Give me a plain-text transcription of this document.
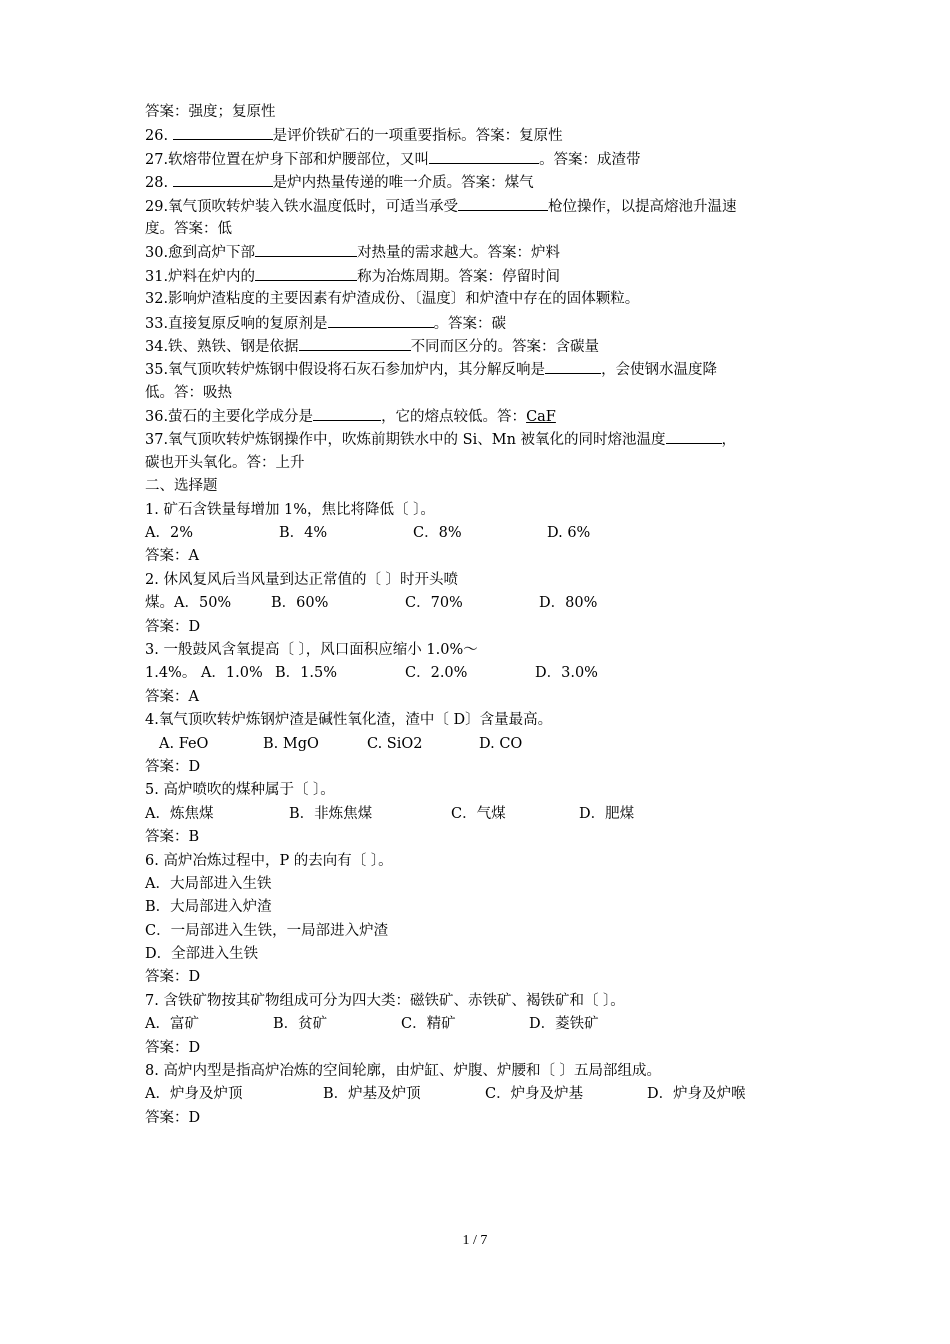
答案：强度；复原性
26.	是评价铁矿石的一项重要指标。答案：复原性
27.软熔带位置在炉身下部和炉腰部位，又叫	。答案：成渣带
28.	是炉内热量传递的唯一介质。答案：煤气
29.氧气顶吹转炉装入铁水温度低时，可适当承受	枪位操作，以提高熔池升温速
度。答案：低
30.愈到高炉下部	对热量的需求越大。答案：炉料
31.炉料在炉内的	称为冶炼周期。答案：停留时间
32.影响炉渣粘度的主要因素有炉渣成份、〔温度〕和炉渣中存在的固体颗粒。
33.直接复原反响的复原剂是	。答案：碳
34.铁、熟铁、钢是依据	不同而区分的。答案：含碳量
35.氧气顶吹转炉炼钢中假设将石灰石参加炉内，其分解反响是	，会使钢水温度降
低。答：吸热
36.萤石的主要化学成分是	，它的熔点较低。答：CaF
37.氧气顶吹转炉炼钢操作中，吹炼前期铁水中的 Si、Mn 被氧化的同时熔池温度	，
碳也开头氧化。答：上升
二、选择题
1. 矿石含铁量每增加 1%，焦比将降低〔 〕。
A．2%	B．4%	C．8%	D. 6%
答案：A
2. 休风复风后当风量到达正常值的〔 〕时开头喷
煤。A．50%	B．60%	C．70%	D．80%
答案：D
3. 一般鼓风含氧提高〔 〕，风口面积应缩小 1.0%～
1.4%。 A．1.0% B．1.5%	C．2.0%	D．3.0%
答案：A
4.氧气顶吹转炉炼钢炉渣是碱性氧化渣，渣中〔 D〕含量最高。
A. FeO	B. MgO	C. SiO2	D. CO
答案：D
5. 高炉喷吹的煤种属于〔 〕。
A．炼焦煤	B．非炼焦煤	C．气煤	D．肥煤
答案：B
6. 高炉冶炼过程中，P 的去向有〔 〕。
A．大局部进入生铁
B．大局部进入炉渣
C．一局部进入生铁，一局部进入炉渣
D．全部进入生铁
答案：D
7. 含铁矿物按其矿物组成可分为四大类：磁铁矿、赤铁矿、褐铁矿和〔 〕。
A．富矿	B．贫矿	C．精矿	D．菱铁矿
答案：D
8. 高炉内型是指高炉冶炼的空间轮廓，由炉缸、炉腹、炉腰和〔 〕五局部组成。
A．炉身及炉顶	B．炉基及炉顶	C．炉身及炉基	D．炉身及炉喉
答案：D
1 / 7
